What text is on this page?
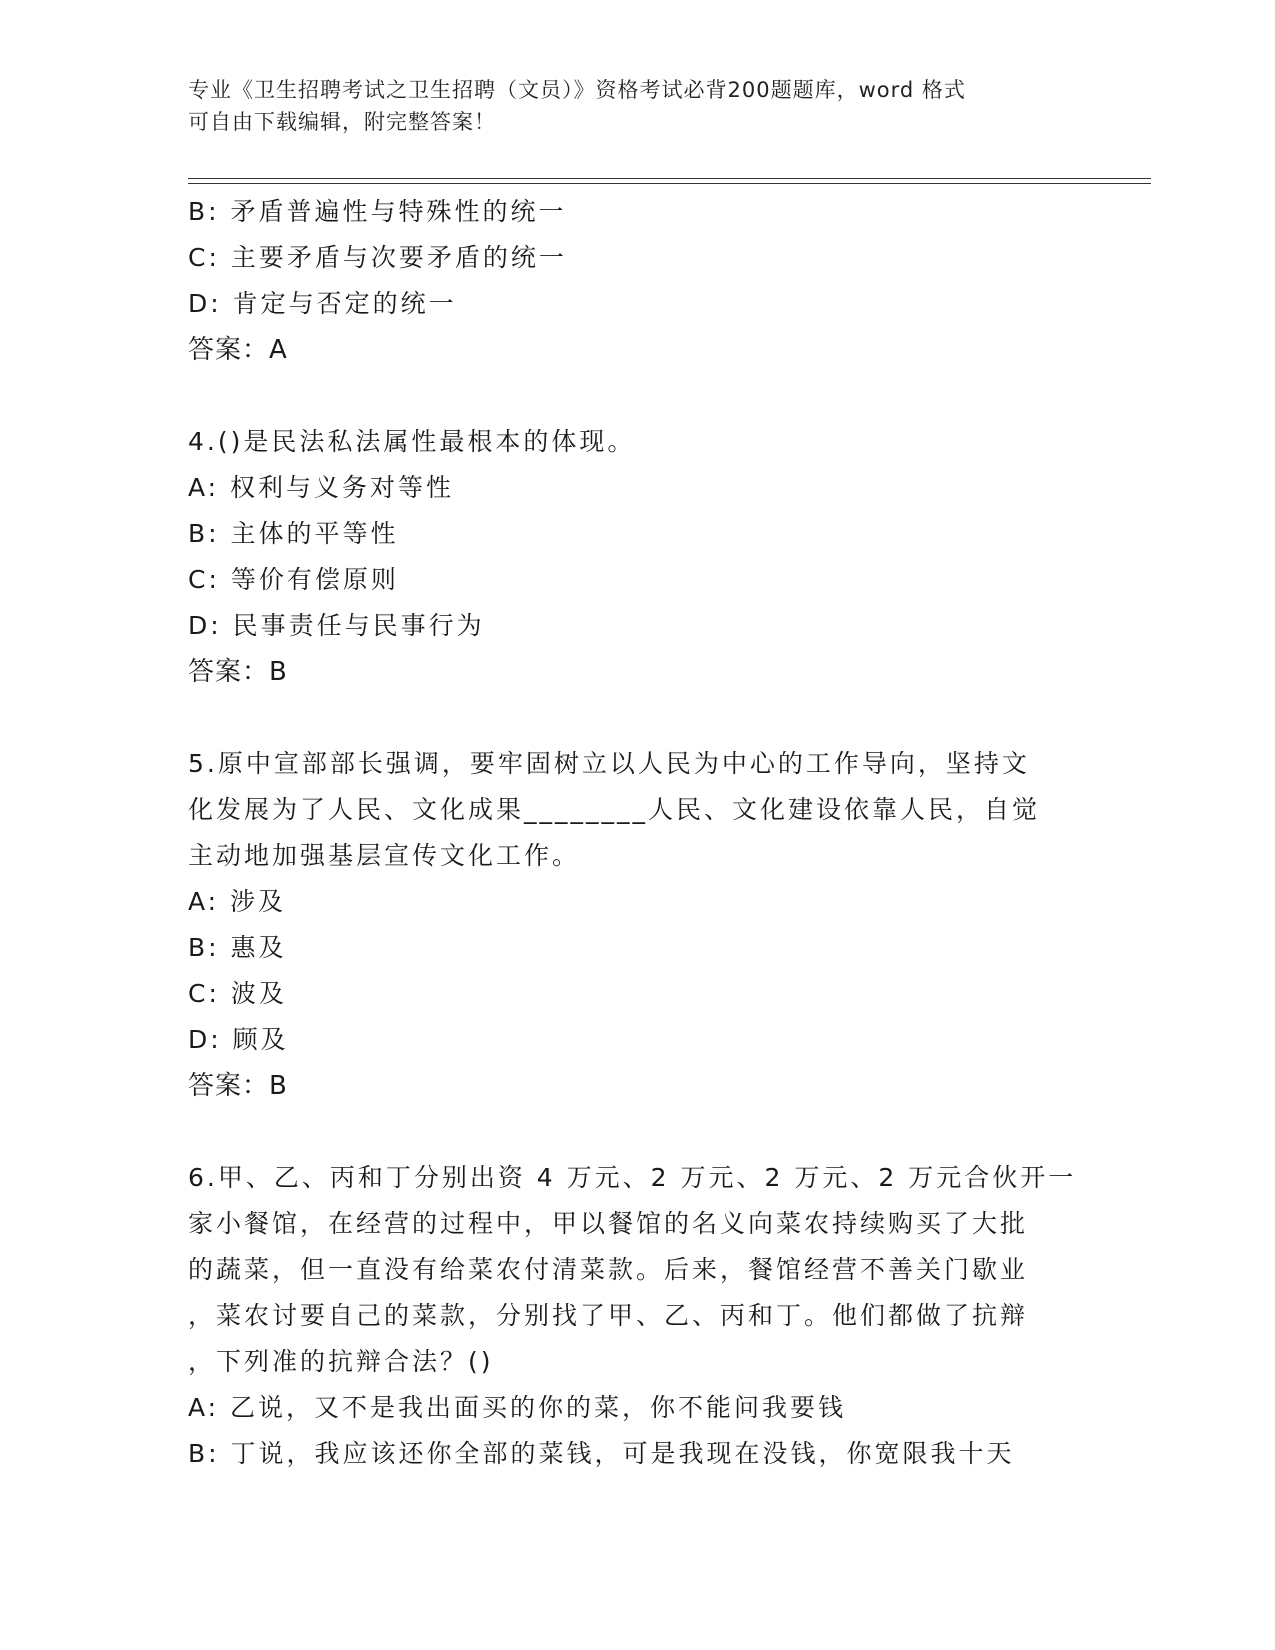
专业《卫生招聘考试之卫生招聘（文员）》资格考试必背200题题库，word 格式
可自由下载编辑，附完整答案！
B: 矛盾普遍性与特殊性的统一
C: 主要矛盾与次要矛盾的统一
D: 肯定与否定的统一
答案：A
4.()是民法私法属性最根本的体现。
A: 权利与义务对等性
B: 主体的平等性
C: 等价有偿原则
D: 民事责任与民事行为
答案：B
5.原中宣部部长强调，要牢固树立以人民为中心的工作导向，坚持文
化发展为了人民、文化成果________人民、文化建设依靠人民，自觉
主动地加强基层宣传文化工作。
A: 涉及
B: 惠及
C: 波及
D: 顾及
答案：B
6.甲、乙、丙和丁分别出资 4 万元、2 万元、2 万元、2 万元合伙开一
家小餐馆，在经营的过程中，甲以餐馆的名义向菜农持续购买了大批
的蔬菜，但一直没有给菜农付清菜款。后来，餐馆经营不善关门歇业
，菜农讨要自己的菜款，分别找了甲、乙、丙和丁。他们都做了抗辩
，下列准的抗辩合法？()
A: 乙说，又不是我出面买的你的菜，你不能问我要钱
B: 丁说，我应该还你全部的菜钱，可是我现在没钱，你宽限我十天
